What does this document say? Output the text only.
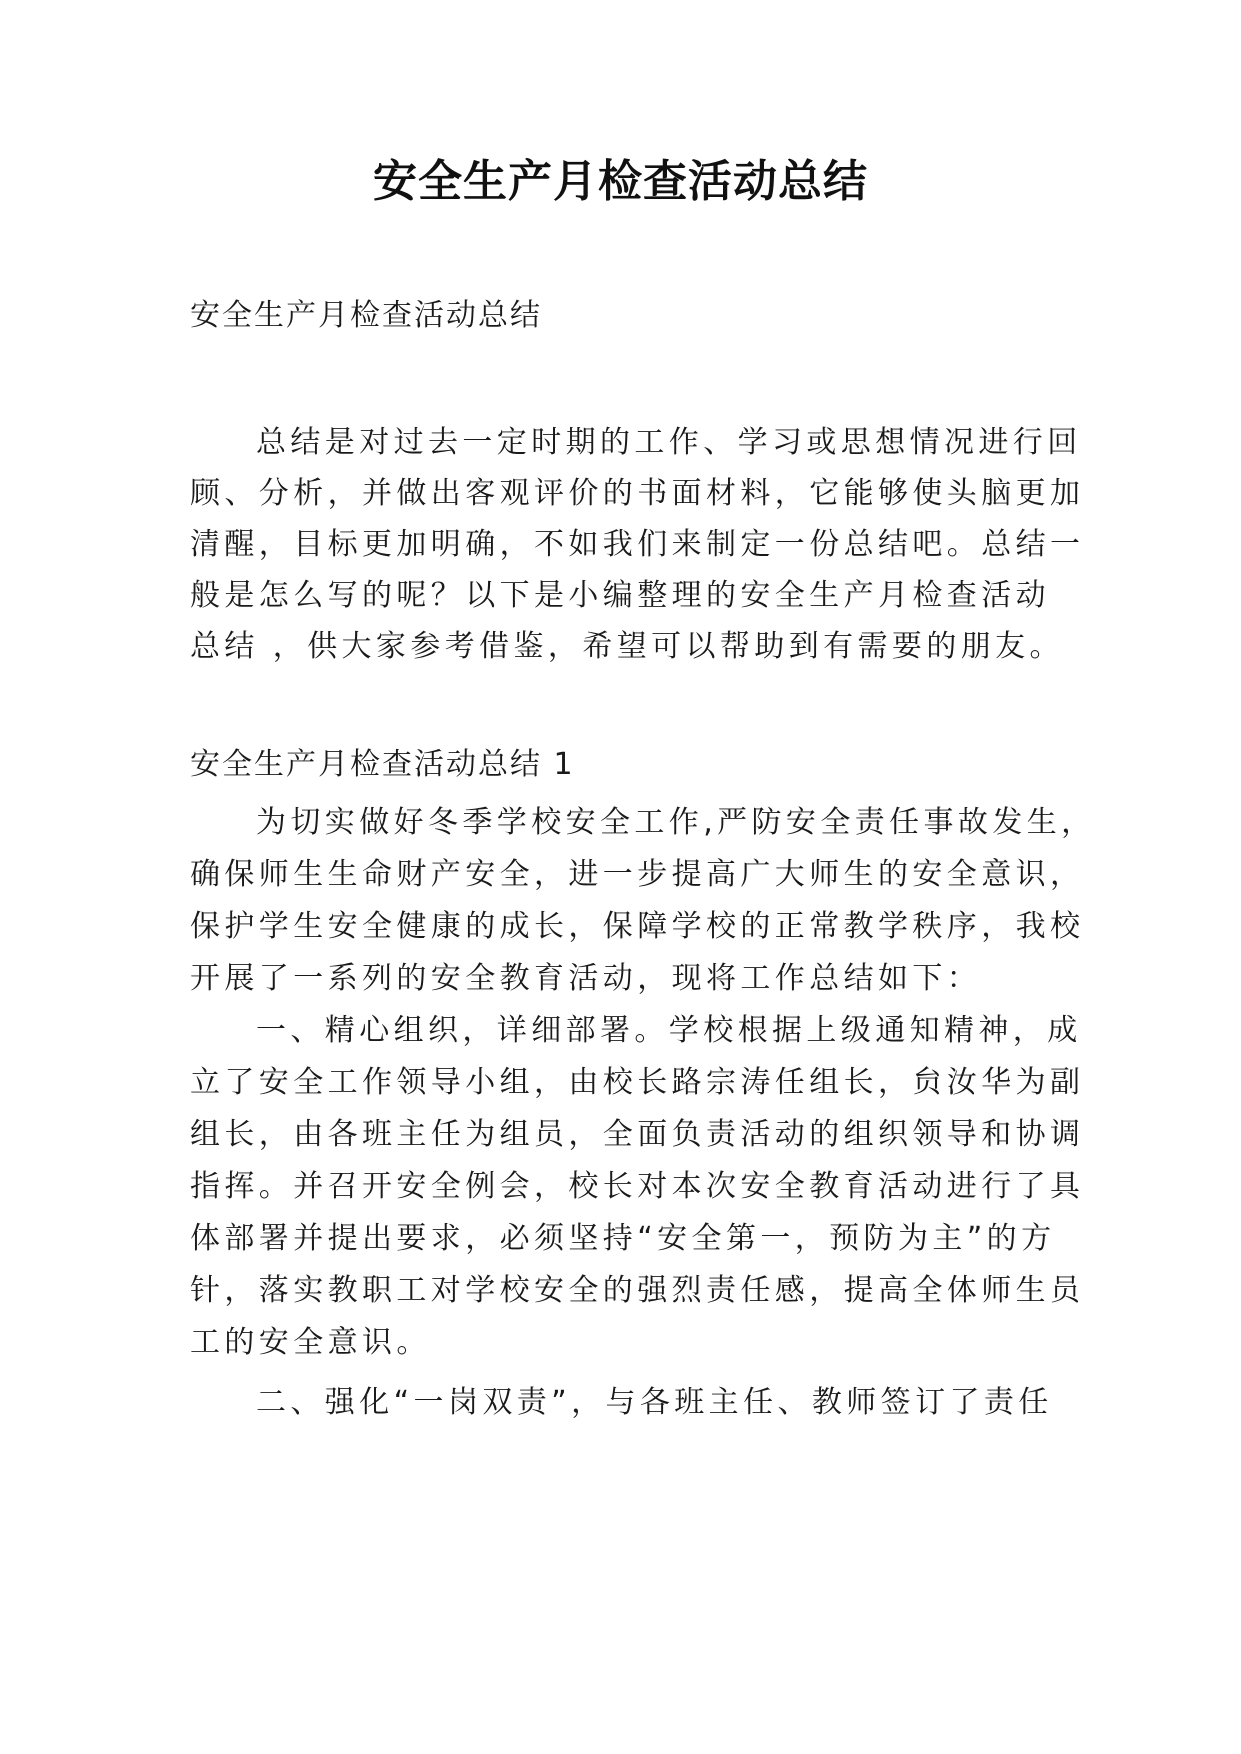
安全生产月检查活动总结
安全生产月检查活动总结
总结是对过去一定时期的工作、学习或思想情况进行回
顾、分析，并做出客观评价的书面材料，它能够使头脑更加
清醒，目标更加明确，不如我们来制定一份总结吧。总结一
般是怎么写的呢？以下是小编整理的安全生产月检查活动
总结 ，供大家参考借鉴，希望可以帮助到有需要的朋友。
安全生产月检查活动总结 1
为切实做好冬季学校安全工作,严防安全责任事故发生，
确保师生生命财产安全，进一步提高广大师生的安全意识，
保护学生安全健康的成长，保障学校的正常教学秩序，我校
开展了一系列的安全教育活动，现将工作总结如下：
一、精心组织，详细部署。学校根据上级通知精神，成
立了安全工作领导小组，由校长路宗涛任组长，贠汝华为副
组长，由各班主任为组员，全面负责活动的组织领导和协调
指挥。并召开安全例会，校长对本次安全教育活动进行了具
体部署并提出要求，必须坚持“安全第一，预防为主”的方
针，落实教职工对学校安全的强烈责任感，提高全体师生员
工的安全意识。
二、强化“一岗双责”，与各班主任、教师签订了责任
